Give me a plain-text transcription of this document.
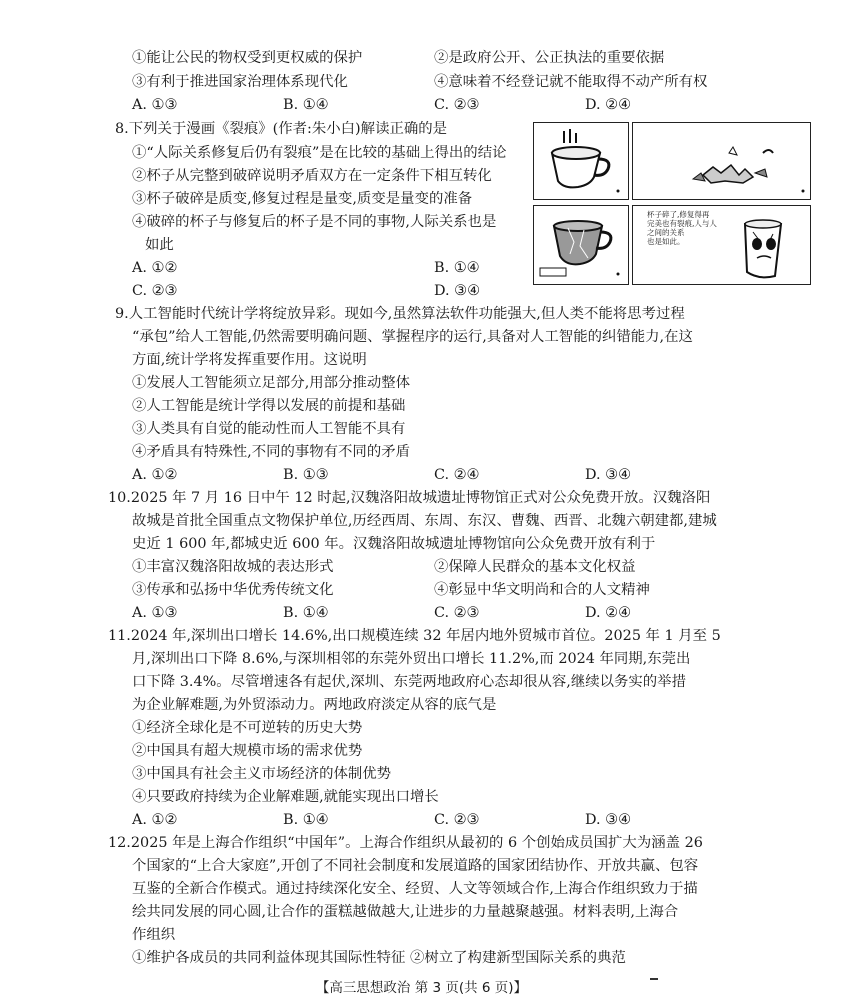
①能让公民的物权受到更权威的保护	②是政府公开、公正执法的重要依据
③有利于推进国家治理体系现代化	④意味着不经登记就不能取得不动产所有权
A. ①③	B. ①④	C. ②③	D. ②④
8.下列关于漫画《裂痕》(作者:朱小白)解读正确的是
①“人际关系修复后仍有裂痕”是在比较的基础上得出的结论
②杯子从完整到破碎说明矛盾双方在一定条件下相互转化
③杯子破碎是质变,修复过程是量变,质变是量变的准备
④破碎的杯子与修复后的杯子是不同的事物,人际关系也是
如此
A. ①②	B. ①④
C. ②③	D. ③④
杯子碎了,修复得再
完美也有裂痕,人与人
之间的关系
也是如此。
9.人工智能时代统计学将绽放异彩。现如今,虽然算法软件功能强大,但人类不能将思考过程
“承包”给人工智能,仍然需要明确问题、掌握程序的运行,具备对人工智能的纠错能力,在这
方面,统计学将发挥重要作用。这说明
①发展人工智能须立足部分,用部分推动整体
②人工智能是统计学得以发展的前提和基础
③人类具有自觉的能动性而人工智能不具有
④矛盾具有特殊性,不同的事物有不同的矛盾
A. ①②	B. ①③	C. ②④	D. ③④
10.2025 年 7 月 16 日中午 12 时起,汉魏洛阳故城遗址博物馆正式对公众免费开放。汉魏洛阳
故城是首批全国重点文物保护单位,历经西周、东周、东汉、曹魏、西晋、北魏六朝建都,建城
史近 1 600 年,都城史近 600 年。汉魏洛阳故城遗址博物馆向公众免费开放有利于
①丰富汉魏洛阳故城的表达形式	②保障人民群众的基本文化权益
③传承和弘扬中华优秀传统文化	④彰显中华文明尚和合的人文精神
A. ①③	B. ①④	C. ②③	D. ②④
11.2024 年,深圳出口增长 14.6%,出口规模连续 32 年居内地外贸城市首位。2025 年 1 月至 5
月,深圳出口下降 8.6%,与深圳相邻的东莞外贸出口增长 11.2%,而 2024 年同期,东莞出
口下降 3.4%。尽管增速各有起伏,深圳、东莞两地政府心态却很从容,继续以务实的举措
为企业解难题,为外贸添动力。两地政府淡定从容的底气是
①经济全球化是不可逆转的历史大势
②中国具有超大规模市场的需求优势
③中国具有社会主义市场经济的体制优势
④只要政府持续为企业解难题,就能实现出口增长
A. ①②	B. ①④	C. ②③	D. ③④
12.2025 年是上海合作组织“中国年”。上海合作组织从最初的 6 个创始成员国扩大为涵盖 26
个国家的“上合大家庭”,开创了不同社会制度和发展道路的国家团结协作、开放共赢、包容
互鉴的全新合作模式。通过持续深化安全、经贸、人文等领域合作,上海合作组织致力于描
绘共同发展的同心圆,让合作的蛋糕越做越大,让进步的力量越聚越强。材料表明,上海合
作组织
①维护各成员的共同利益体现其国际性特征 ②树立了构建新型国际关系的典范
【高三思想政治 第 3 页(共 6 页)】
